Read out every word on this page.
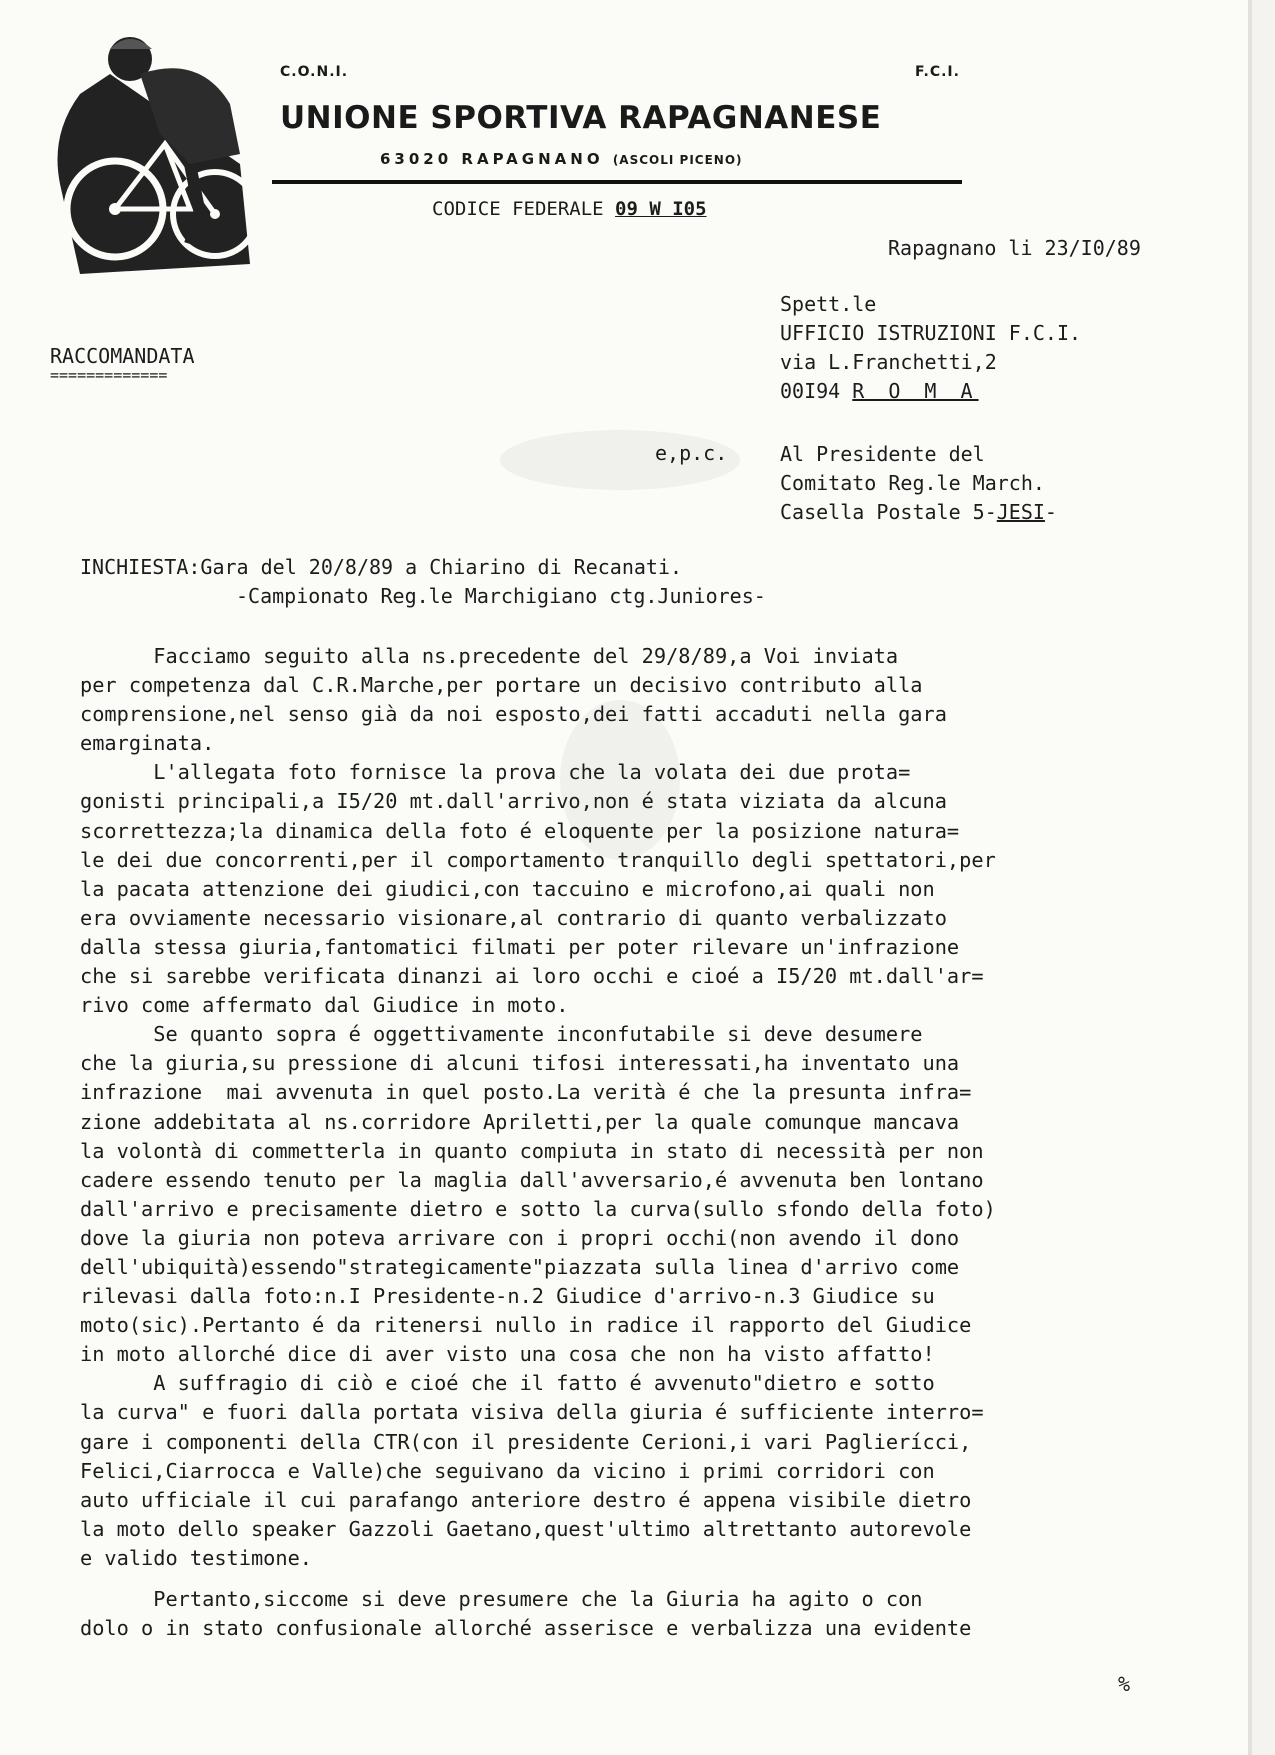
C.O.N.I.	F.C.I.
UNIONE SPORTIVA RAPAGNANESE
63020 RAPAGNANO (ASCOLI PICENO)
CODICE FEDERALE 09 W I05
Rapagnano li 23/I0/89
Spett.le
UFFICIO ISTRUZIONI F.C.I.
via L.Franchetti,2
00I94 R O M A
RACCOMANDATA
=============
e,p.c.	Al Presidente del
Comitato Reg.le March.
Casella Postale 5-JESI-
INCHIESTA:Gara del 20/8/89 a Chiarino di Recanati.
-Campionato Reg.le Marchigiano ctg.Juniores-
Facciamo seguito alla ns.precedente del 29/8/89,a Voi inviata
per competenza dal C.R.Marche,per portare un decisivo contributo alla
comprensione,nel senso già da noi esposto,dei fatti accaduti nella gara
emarginata.
L'allegata foto fornisce la prova che la volata dei due prota=
gonisti principali,a I5/20 mt.dall'arrivo,non é stata viziata da alcuna
scorrettezza;la dinamica della foto é eloquente per la posizione natura=
le dei due concorrenti,per il comportamento tranquillo degli spettatori,per
la pacata attenzione dei giudici,con taccuino e microfono,ai quali non
era ovviamente necessario visionare,al contrario di quanto verbalizzato
dalla stessa giuria,fantomatici filmati per poter rilevare un'infrazione
che si sarebbe verificata dinanzi ai loro occhi e cioé a I5/20 mt.dall'ar=
rivo come affermato dal Giudice in moto.
Se quanto sopra é oggettivamente inconfutabile si deve desumere
che la giuria,su pressione di alcuni tifosi interessati,ha inventato una
infrazione  mai avvenuta in quel posto.La verità é che la presunta infra=
zione addebitata al ns.corridore Apriletti,per la quale comunque mancava
la volontà di commetterla in quanto compiuta in stato di necessità per non
cadere essendo tenuto per la maglia dall'avversario,é avvenuta ben lontano
dall'arrivo e precisamente dietro e sotto la curva(sullo sfondo della foto)
dove la giuria non poteva arrivare con i propri occhi(non avendo il dono
dell'ubiquità)essendo"strategicamente"piazzata sulla linea d'arrivo come
rilevasi dalla foto:n.I Presidente-n.2 Giudice d'arrivo-n.3 Giudice su
moto(sic).Pertanto é da ritenersi nullo in radice il rapporto del Giudice
in moto allorché dice di aver visto una cosa che non ha visto affatto!
A suffragio di ciò e cioé che il fatto é avvenuto"dietro e sotto
la curva" e fuori dalla portata visiva della giuria é sufficiente interro=
gare i componenti della CTR(con il presidente Cerioni,i vari Paglierícci,
Felici,Ciarrocca e Valle)che seguivano da vicino i primi corridori con
auto ufficiale il cui parafango anteriore destro é appena visibile dietro
la moto dello speaker Gazzoli Gaetano,quest'ultimo altrettanto autorevole
e valido testimone.
Pertanto,siccome si deve presumere che la Giuria ha agito o con
dolo o in stato confusionale allorché asserisce e verbalizza una evidente
%
